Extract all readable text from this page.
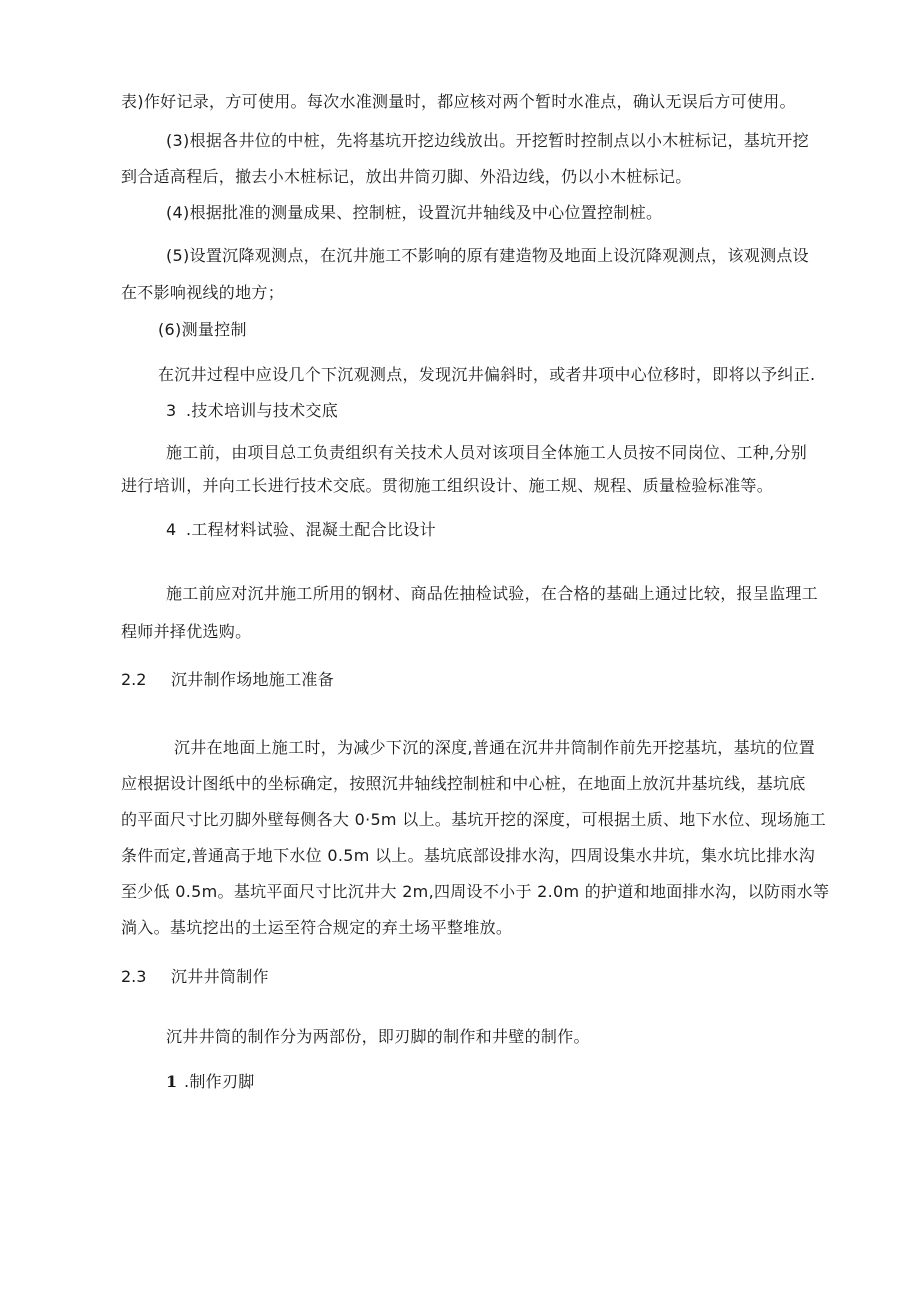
表)作好记录，方可使用。每次水准测量时，都应核对两个暂时水准点，确认无误后方可使用。
(3)根据各井位的中桩，先将基坑开挖边线放出。开挖暂时控制点以小木桩标记，基坑开挖
到合适高程后，撤去小木桩标记，放出井筒刃脚、外沿边线，仍以小木桩标记。
(4)根据批准的测量成果、控制桩，设置沉井轴线及中心位置控制桩。
(5)设置沉降观测点，在沉井施工不影响的原有建造物及地面上设沉降观测点，该观测点设
在不影响视线的地方；
(6)测量控制
在沉井过程中应设几个下沉观测点，发现沉井偏斜时，或者井项中心位移时，即将以予纠正.
3 .技术培训与技术交底
施工前，由项目总工负责组织有关技术人员对该项目全体施工人员按不同岗位、工种,分别
进行培训，并向工长进行技术交底。贯彻施工组织设计、施工规、规程、质量检验标准等。
4 .工程材料试验、混凝土配合比设计
施工前应对沉井施工所用的钢材、商品佐抽检试验，在合格的基础上通过比较，报呈监理工
程师并择优选购。
2.2 沉井制作场地施工准备
沉井在地面上施工时，为减少下沉的深度,普通在沉井井筒制作前先开挖基坑，基坑的位置
应根据设计图纸中的坐标确定，按照沉井轴线控制桩和中心桩，在地面上放沉井基坑线，基坑底
的平面尺寸比刃脚外壁每侧各大 0·5m 以上。基坑开挖的深度，可根据土质、地下水位、现场施工
条件而定,普通高于地下水位 0.5m 以上。基坑底部设排水沟，四周设集水井坑，集水坑比排水沟
至少低 0.5m。基坑平面尺寸比沉井大 2m,四周设不小于 2.0m 的护道和地面排水沟，以防雨水等
淌入。基坑挖出的土运至符合规定的弃土场平整堆放。
2.3 沉井井筒制作
沉井井筒的制作分为两部份，即刃脚的制作和井壁的制作。
1 .制作刃脚
